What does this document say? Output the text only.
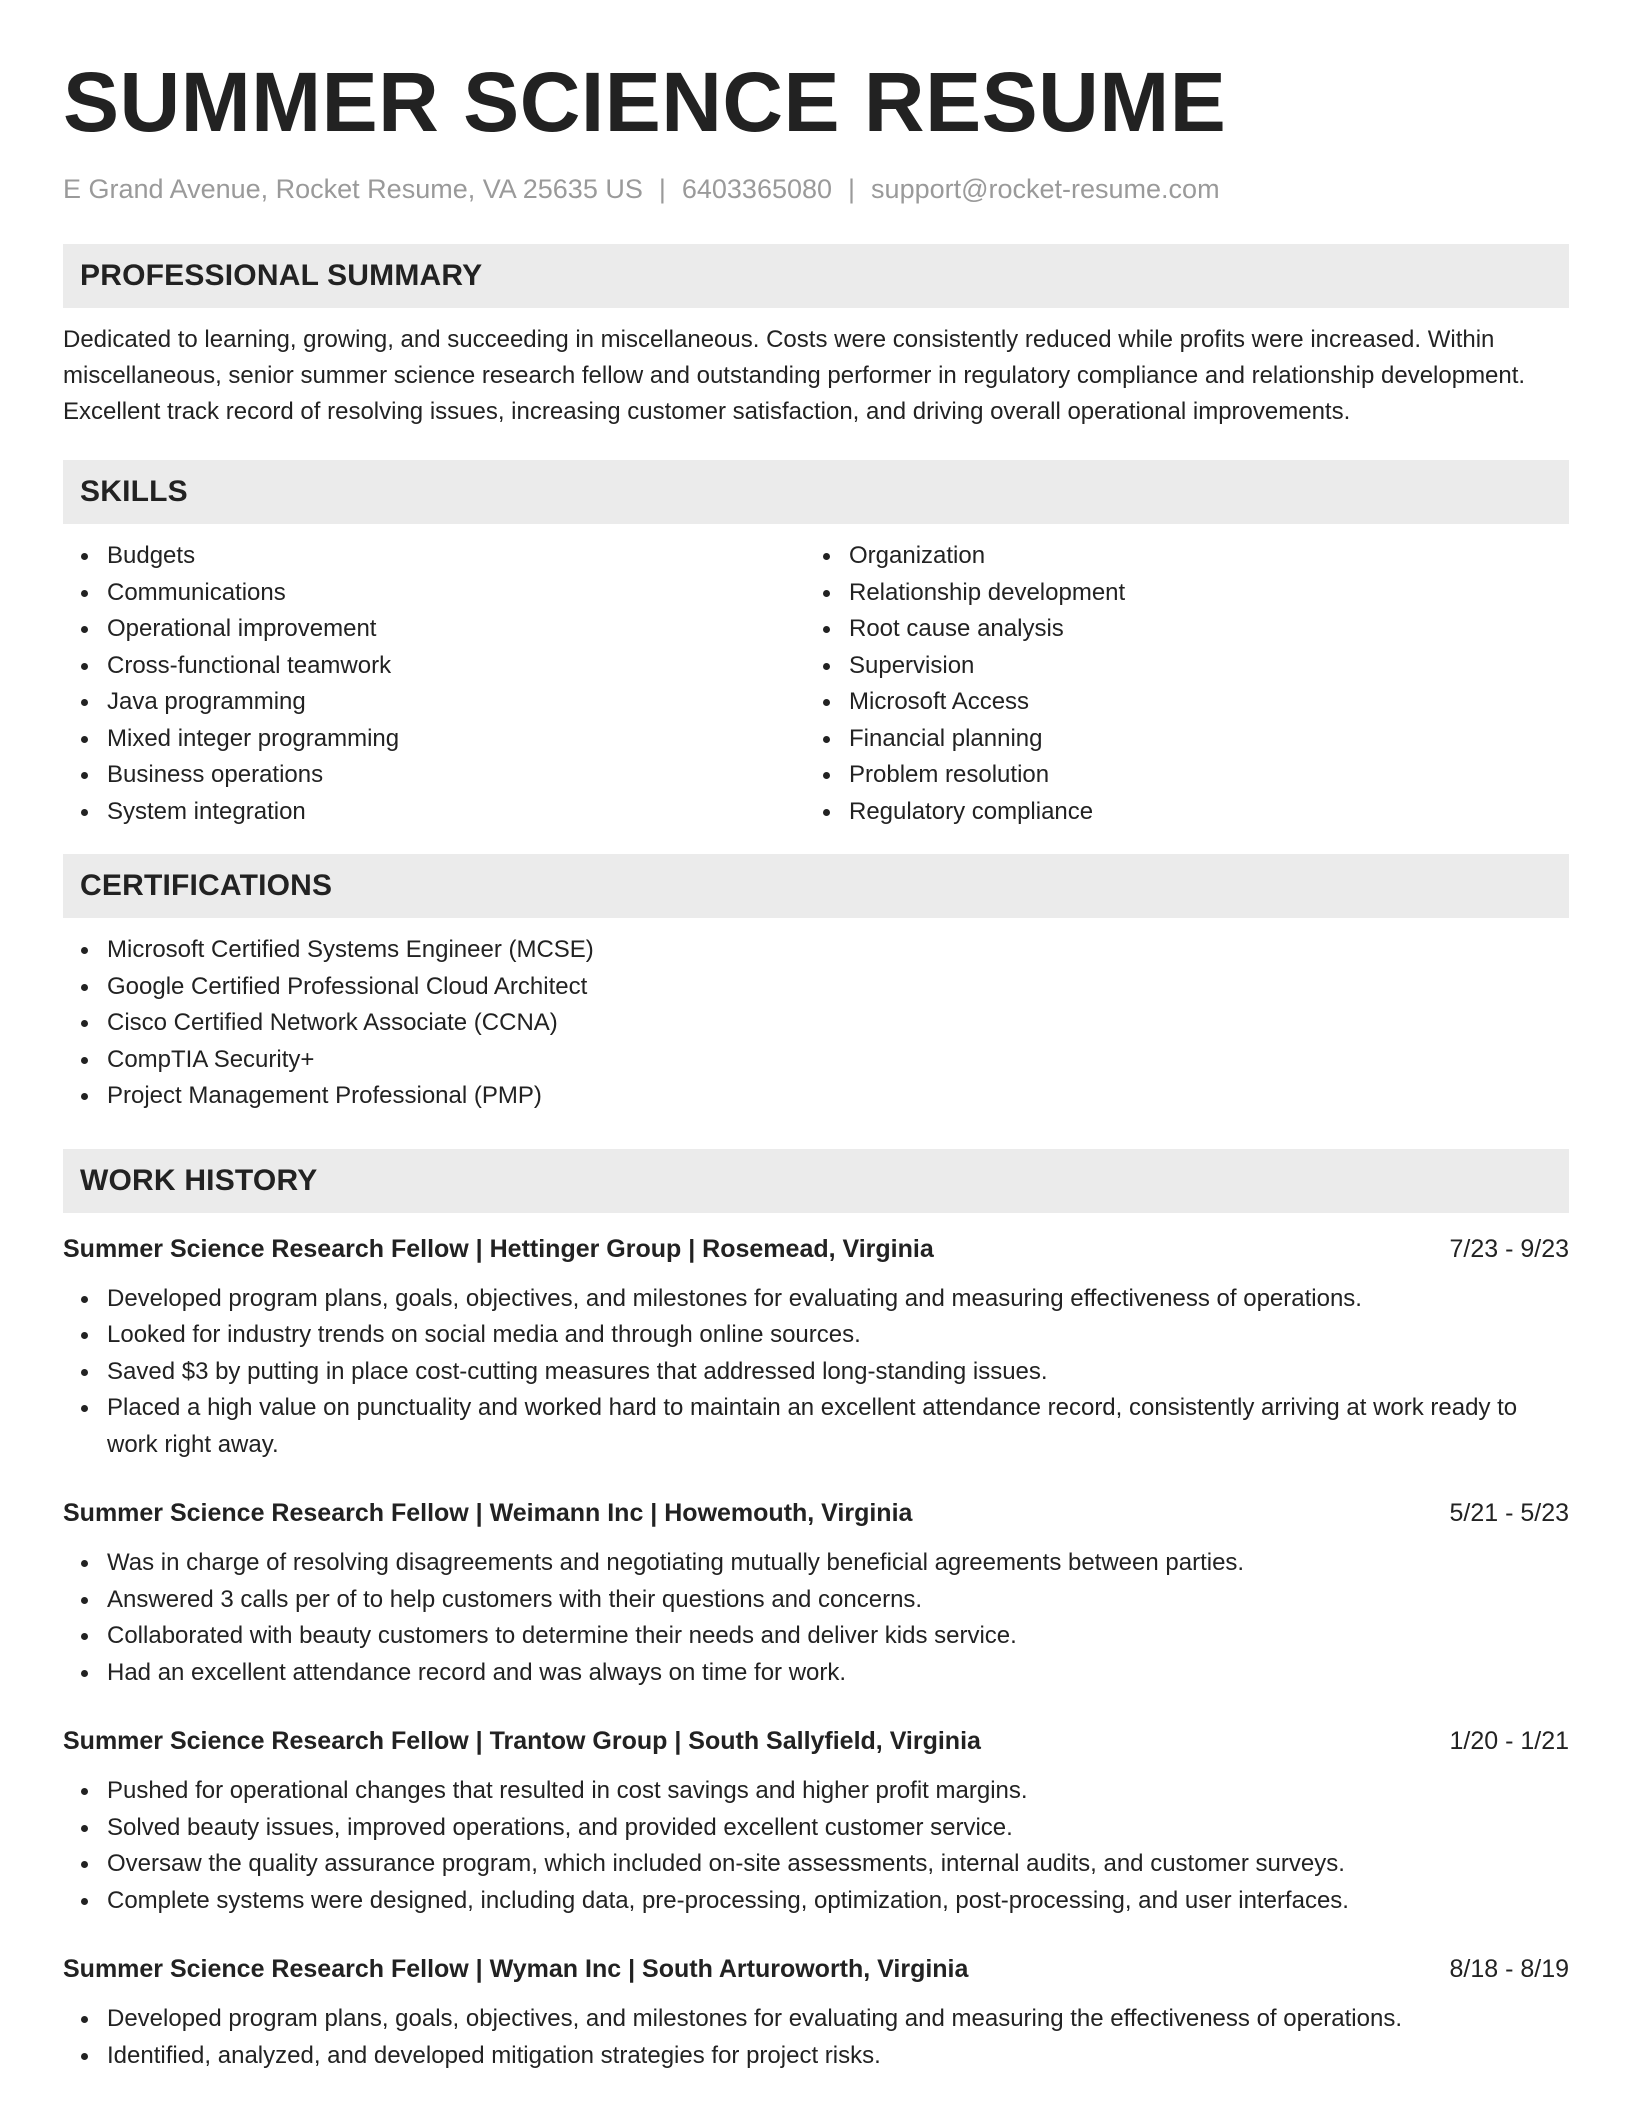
SUMMER SCIENCE RESUME
E Grand Avenue, Rocket Resume, VA 25635 US | 6403365080 | support@rocket-resume.com
PROFESSIONAL SUMMARY

Dedicated to learning, growing, and succeeding in miscellaneous. Costs were consistently reduced while profits were increased. Within miscellaneous, senior summer science research fellow and outstanding performer in regulatory compliance and relationship development. Excellent track record of resolving issues, increasing customer satisfaction, and driving overall operational improvements.

SKILLS
Budgets
Communications
Operational improvement
Cross-functional teamwork
Java programming
Mixed integer programming
Business operations
System integration
Organization
Relationship development
Root cause analysis
Supervision
Microsoft Access
Financial planning
Problem resolution
Regulatory compliance
CERTIFICATIONS
Microsoft Certified Systems Engineer (MCSE)
Google Certified Professional Cloud Architect
Cisco Certified Network Associate (CCNA)
CompTIA Security+
Project Management Professional (PMP)
WORK HISTORY
Summer Science Research Fellow | Hettinger Group | Rosemead, Virginia	7/23 - 9/23
Developed program plans, goals, objectives, and milestones for evaluating and measuring effectiveness of operations.
Looked for industry trends on social media and through online sources.
Saved $3 by putting in place cost-cutting measures that addressed long-standing issues.
Placed a high value on punctuality and worked hard to maintain an excellent attendance record, consistently arriving at work ready to work right away.
Summer Science Research Fellow | Weimann Inc | Howemouth, Virginia	5/21 - 5/23
Was in charge of resolving disagreements and negotiating mutually beneficial agreements between parties.
Answered 3 calls per of to help customers with their questions and concerns.
Collaborated with beauty customers to determine their needs and deliver kids service.
Had an excellent attendance record and was always on time for work.
Summer Science Research Fellow | Trantow Group | South Sallyfield, Virginia	1/20 - 1/21
Pushed for operational changes that resulted in cost savings and higher profit margins.
Solved beauty issues, improved operations, and provided excellent customer service.
Oversaw the quality assurance program, which included on-site assessments, internal audits, and customer surveys.
Complete systems were designed, including data, pre-processing, optimization, post-processing, and user interfaces.
Summer Science Research Fellow | Wyman Inc | South Arturoworth, Virginia	8/18 - 8/19
Developed program plans, goals, objectives, and milestones for evaluating and measuring the effectiveness of operations.
Identified, analyzed, and developed mitigation strategies for project risks.
